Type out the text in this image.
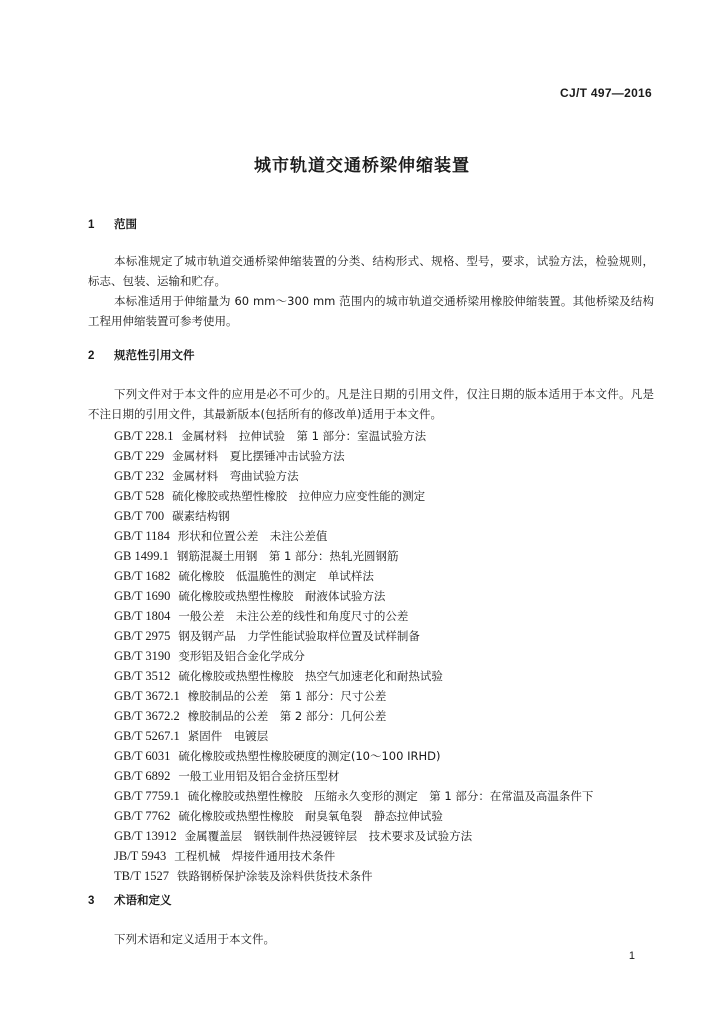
CJ/T 497—2016
城市轨道交通桥梁伸缩装置
1 范围
本标准规定了城市轨道交通桥梁伸缩装置的分类、结构形式、规格、型号，要求，试验方法，检验规则，标志、包装、运输和贮存。
本标准适用于伸缩量为 60 mm～300 mm 范围内的城市轨道交通桥梁用橡胶伸缩装置。其他桥梁及结构工程用伸缩装置可参考使用。
2 规范性引用文件
下列文件对于本文件的应用是必不可少的。凡是注日期的引用文件，仅注日期的版本适用于本文件。凡是不注日期的引用文件，其最新版本(包括所有的修改单)适用于本文件。
GB/T 228.1 金属材料　拉伸试验　第 1 部分：室温试验方法
GB/T 229 金属材料　夏比摆锤冲击试验方法
GB/T 232 金属材料　弯曲试验方法
GB/T 528 硫化橡胶或热塑性橡胶　拉伸应力应变性能的测定
GB/T 700 碳素结构钢
GB/T 1184 形状和位置公差　未注公差值
GB 1499.1 钢筋混凝土用钢　第 1 部分：热轧光圆钢筋
GB/T 1682 硫化橡胶　低温脆性的测定　单试样法
GB/T 1690 硫化橡胶或热塑性橡胶　耐液体试验方法
GB/T 1804 一般公差　未注公差的线性和角度尺寸的公差
GB/T 2975 钢及钢产品　力学性能试验取样位置及试样制备
GB/T 3190 变形铝及铝合金化学成分
GB/T 3512 硫化橡胶或热塑性橡胶　热空气加速老化和耐热试验
GB/T 3672.1 橡胶制品的公差　第 1 部分：尺寸公差
GB/T 3672.2 橡胶制品的公差　第 2 部分：几何公差
GB/T 5267.1 紧固件　电镀层
GB/T 6031 硫化橡胶或热塑性橡胶硬度的测定(10～100 IRHD)
GB/T 6892 一般工业用铝及铝合金挤压型材
GB/T 7759.1 硫化橡胶或热塑性橡胶　压缩永久变形的测定　第 1 部分：在常温及高温条件下
GB/T 7762 硫化橡胶或热塑性橡胶　耐臭氧龟裂　静态拉伸试验
GB/T 13912 金属覆盖层　钢铁制件热浸镀锌层　技术要求及试验方法
JB/T 5943 工程机械　焊接件通用技术条件
TB/T 1527 铁路钢桥保护涂装及涂料供货技术条件
3 术语和定义
下列术语和定义适用于本文件。
1
